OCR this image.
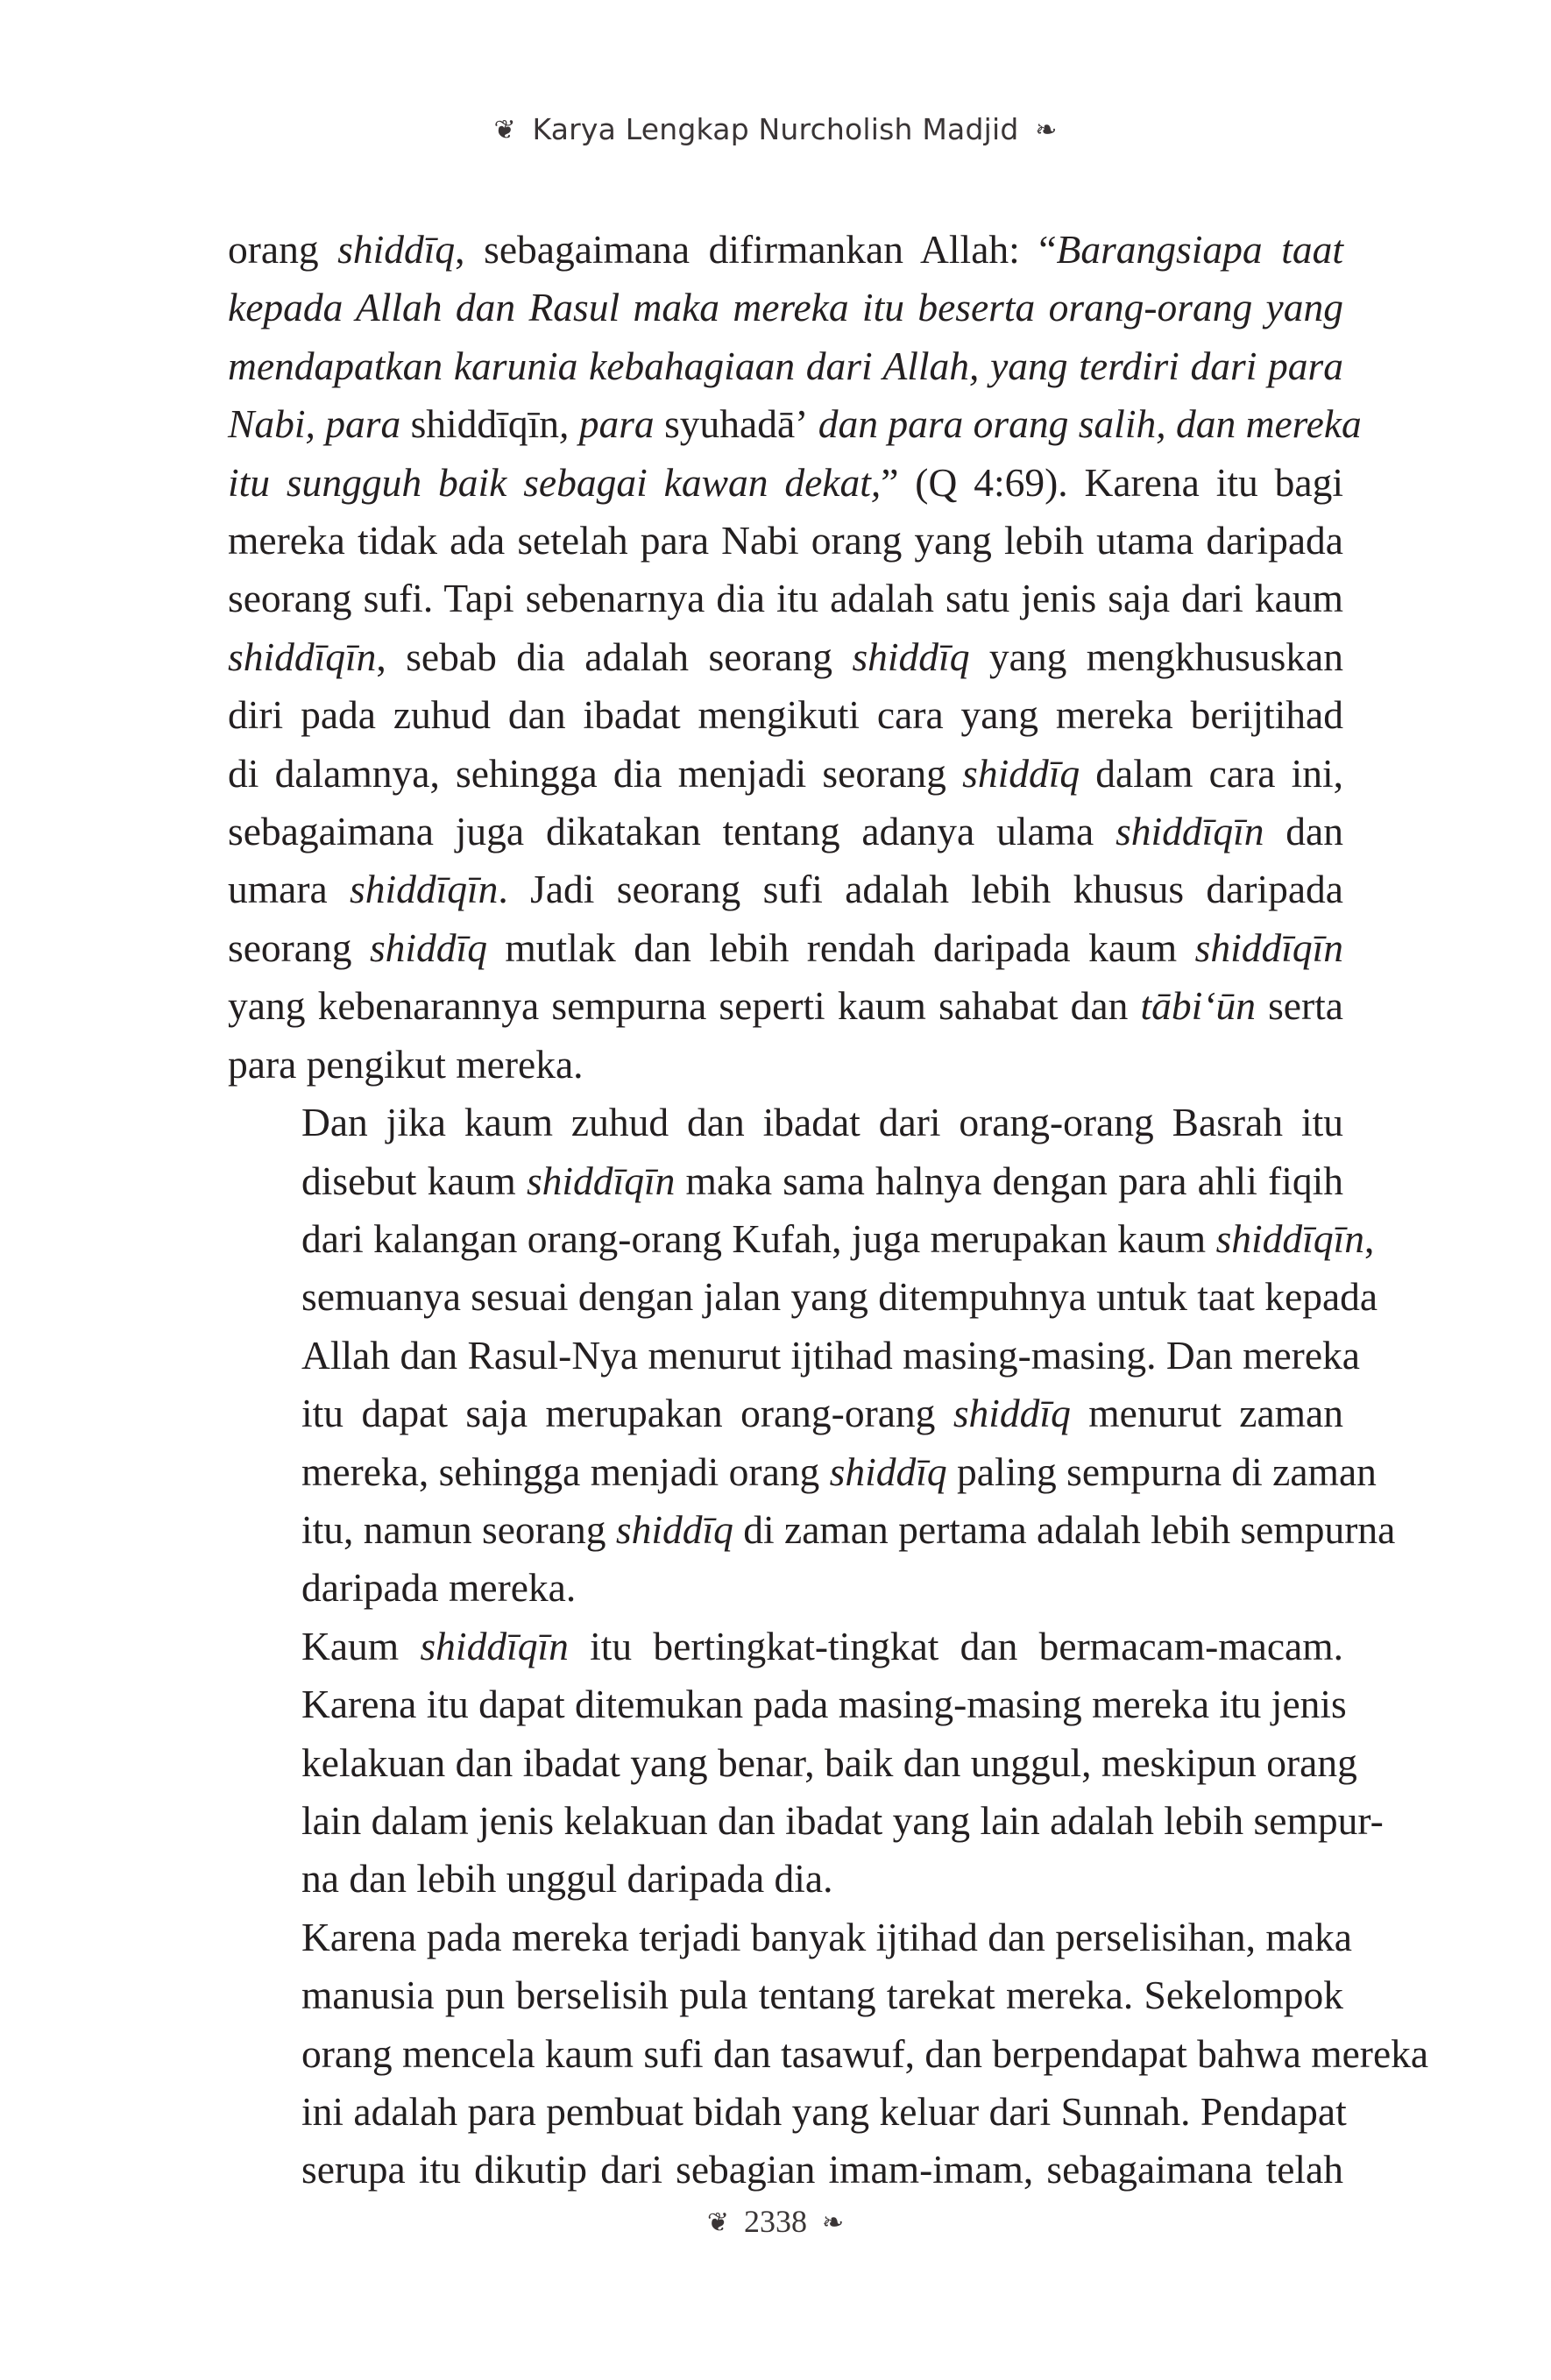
❦ Karya Lengkap Nurcholish Madjid ❧

orang shiddīq, sebagaimana difirmankan Allah: “Barangsiapa taat
kepada Allah dan Rasul maka mereka itu beserta orang-orang yang
mendapatkan karunia kebahagiaan dari Allah, yang terdiri dari para
Nabi, para shiddīqīn, para syuhadā’ dan para orang salih, dan mereka
itu sungguh baik sebagai kawan dekat,” (Q 4:69). Karena itu bagi
mereka tidak ada setelah para Nabi orang yang lebih utama daripada
seorang sufi. Tapi sebenarnya dia itu adalah satu jenis saja dari kaum
shiddīqīn, sebab dia adalah seorang shiddīq yang mengkhususkan
diri pada zuhud dan ibadat mengikuti cara yang mereka berijtihad
di dalamnya, sehingga dia menjadi seorang shiddīq dalam cara ini,
sebagaimana juga dikatakan tentang adanya ulama shiddīqīn dan
umara shiddīqīn. Jadi seorang sufi adalah lebih khusus daripada
seorang shiddīq mutlak dan lebih rendah daripada kaum shiddīqīn
yang kebenarannya sempurna seperti kaum sahabat dan tābi‘ūn serta
para pengikut mereka.

Dan jika kaum zuhud dan ibadat dari orang-orang Basrah itu
disebut kaum shiddīqīn maka sama halnya dengan para ahli fiqih
dari kalangan orang-orang Kufah, juga merupakan kaum shiddīqīn,
semuanya sesuai dengan jalan yang ditempuhnya untuk taat kepada
Allah dan Rasul-Nya menurut ijtihad masing-masing. Dan mereka
itu dapat saja merupakan orang-orang shiddīq menurut zaman
mereka, sehingga menjadi orang shiddīq paling sempurna di zaman
itu, namun seorang shiddīq di zaman pertama adalah lebih sempurna
daripada mereka.

Kaum shiddīqīn itu bertingkat-tingkat dan bermacam-macam.
Karena itu dapat ditemukan pada masing-masing mereka itu jenis
kelakuan dan ibadat yang benar, baik dan unggul, meskipun orang
lain dalam jenis kelakuan dan ibadat yang lain adalah lebih sempur-
na dan lebih unggul daripada dia.

Karena pada mereka terjadi banyak ijtihad dan perselisihan, maka
manusia pun berselisih pula tentang tarekat mereka. Sekelompok
orang mencela kaum sufi dan tasawuf, dan berpendapat bahwa mereka
ini adalah para pembuat bidah yang keluar dari Sunnah. Pendapat
serupa itu dikutip dari sebagian imam-imam, sebagaimana telah

❦ 2338 ❧
